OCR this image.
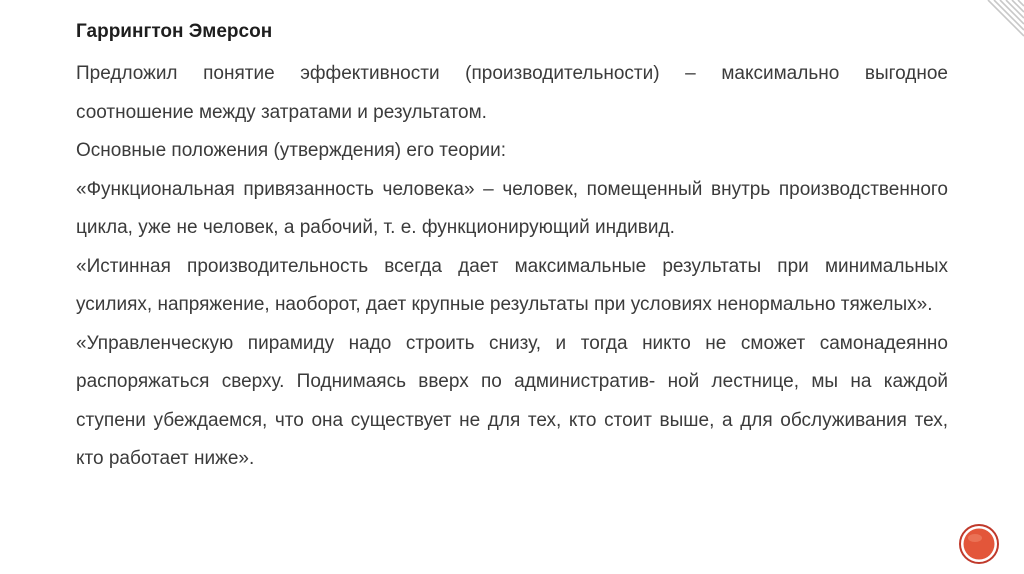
Гаррингтон Эмерсон

Предложил понятие эффективности (производительности) – максимально выгодное соотношение между затратами и результатом.

Основные положения (утверждения) его теории:

«Функциональная привязанность человека» – человек, помещенный внутрь производственного цикла, уже не человек, а рабочий, т. е. функционирующий индивид.

«Истинная производительность всегда дает максимальные результаты при минимальных усилиях, напряжение, наоборот, дает крупные результаты при условиях ненормально тяжелых».

«Управленческую пирамиду надо строить снизу, и тогда никто не сможет самонадеянно распоряжаться сверху. Поднимаясь вверх по административ- ной лестнице, мы на каждой ступени убеждаемся, что она существует не для тех, кто стоит выше, а для обслуживания тех, кто работает ниже».
